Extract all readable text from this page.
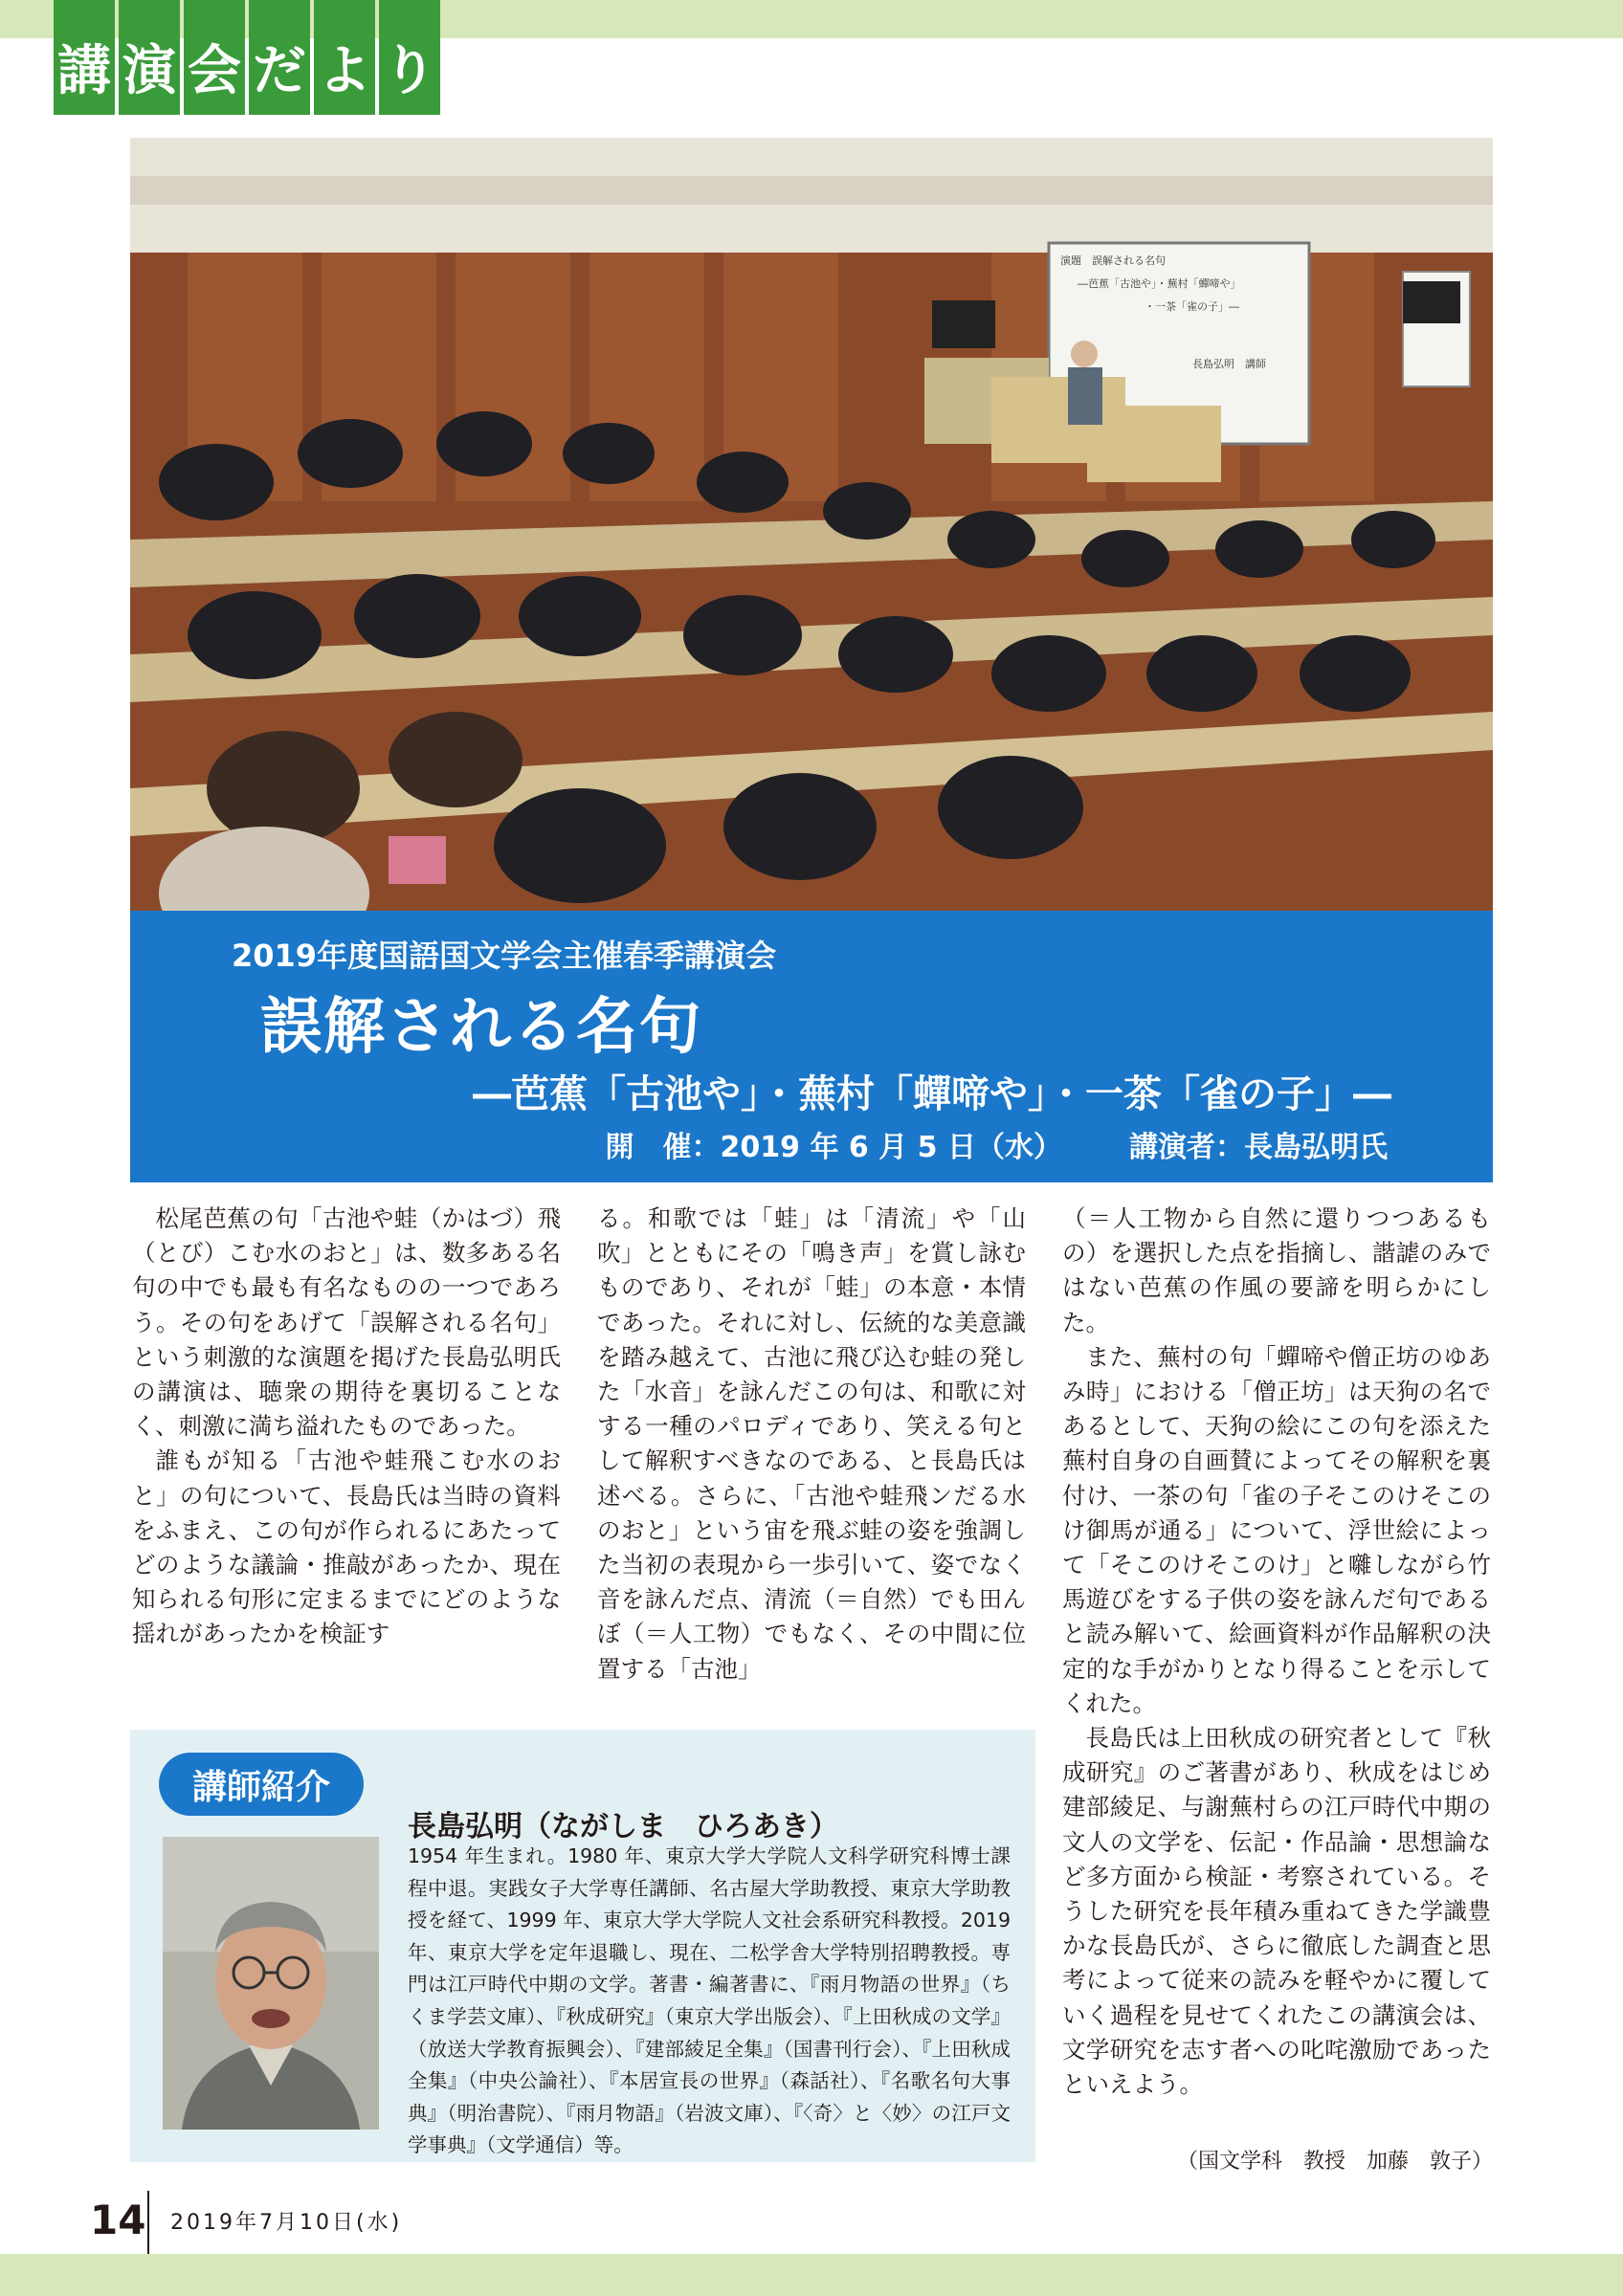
講 演 会 だ よ り
演題　誤解される名句
―芭蕉「古池や」・蕪村「蟬啼や」
・一茶「雀の子」―
長島弘明　講師
2019年度国語国文学会主催春季講演会
誤解される名句
―芭蕉「古池や」・蕪村「蟬啼や」・一茶「雀の子」―
開　催：2019 年 6 月 5 日（水） 講演者：長島弘明氏

松尾芭蕉の句「古池や蛙（かはづ）飛（とび）こむ水のおと」は、数多ある名句の中でも最も有名なものの一つであろう。その句をあげて「誤解される名句」という刺激的な演題を掲げた長島弘明氏の講演は、聴衆の期待を裏切ることなく、刺激に満ち溢れたものであった。

誰もが知る「古池や蛙飛こむ水のおと」の句について、長島氏は当時の資料をふまえ、この句が作られるにあたってどのような議論・推敲があったか、現在知られる句形に定まるまでにどのような揺れがあったかを検証す

る。和歌では「蛙」は「清流」や「山吹」とともにその「鳴き声」を賞し詠むものであり、それが「蛙」の本意・本情であった。それに対し、伝統的な美意識を踏み越えて、古池に飛び込む蛙の発した「水音」を詠んだこの句は、和歌に対する一種のパロディであり、笑える句として解釈すべきなのである、と長島氏は述べる。さらに、「古池や蛙飛ンだる水のおと」という宙を飛ぶ蛙の姿を強調した当初の表現から一歩引いて、姿でなく音を詠んだ点、清流（＝自然）でも田んぼ（＝人工物）でもなく、その中間に位置する「古池」

（＝人工物から自然に還りつつあるもの）を選択した点を指摘し、諧謔のみではない芭蕉の作風の要諦を明らかにした。

また、蕪村の句「蟬啼や僧正坊のゆあみ時」における「僧正坊」は天狗の名であるとして、天狗の絵にこの句を添えた蕪村自身の自画賛によってその解釈を裏付け、一茶の句「雀の子そこのけそこのけ御馬が通る」について、浮世絵によって「そこのけそこのけ」と囃しながら竹馬遊びをする子供の姿を詠んだ句であると読み解いて、絵画資料が作品解釈の決定的な手がかりとなり得ることを示してくれた。

長島氏は上田秋成の研究者として『秋成研究』のご著書があり、秋成をはじめ建部綾足、与謝蕪村らの江戸時代中期の文人の文学を、伝記・作品論・思想論など多方面から検証・考察されている。そうした研究を長年積み重ねてきた学識豊かな長島氏が、さらに徹底した調査と思考によって従来の読みを軽やかに覆していく過程を見せてくれたこの講演会は、文学研究を志す者への叱咤激励であったといえよう。

講師紹介
長島弘明（ながしま　ひろあき）
1954 年生まれ。1980 年、東京大学大学院人文科学研究科博士課程中退。実践女子大学専任講師、名古屋大学助教授、東京大学助教授を経て、1999 年、東京大学大学院人文社会系研究科教授。2019 年、東京大学を定年退職し、現在、二松学舎大学特別招聘教授。専門は江戸時代中期の文学。著書・編著書に、『雨月物語の世界』（ちくま学芸文庫）、『秋成研究』（東京大学出版会）、『上田秋成の文学』（放送大学教育振興会）、『建部綾足全集』（国書刊行会）、『上田秋成全集』（中央公論社）、『本居宣長の世界』（森話社）、『名歌名句大事典』（明治書院）、『雨月物語』（岩波文庫）、『〈奇〉と〈妙〉の江戸文学事典』（文学通信）等。
（国文学科　教授　加藤　敦子）
14 2019年7月10日(水)
